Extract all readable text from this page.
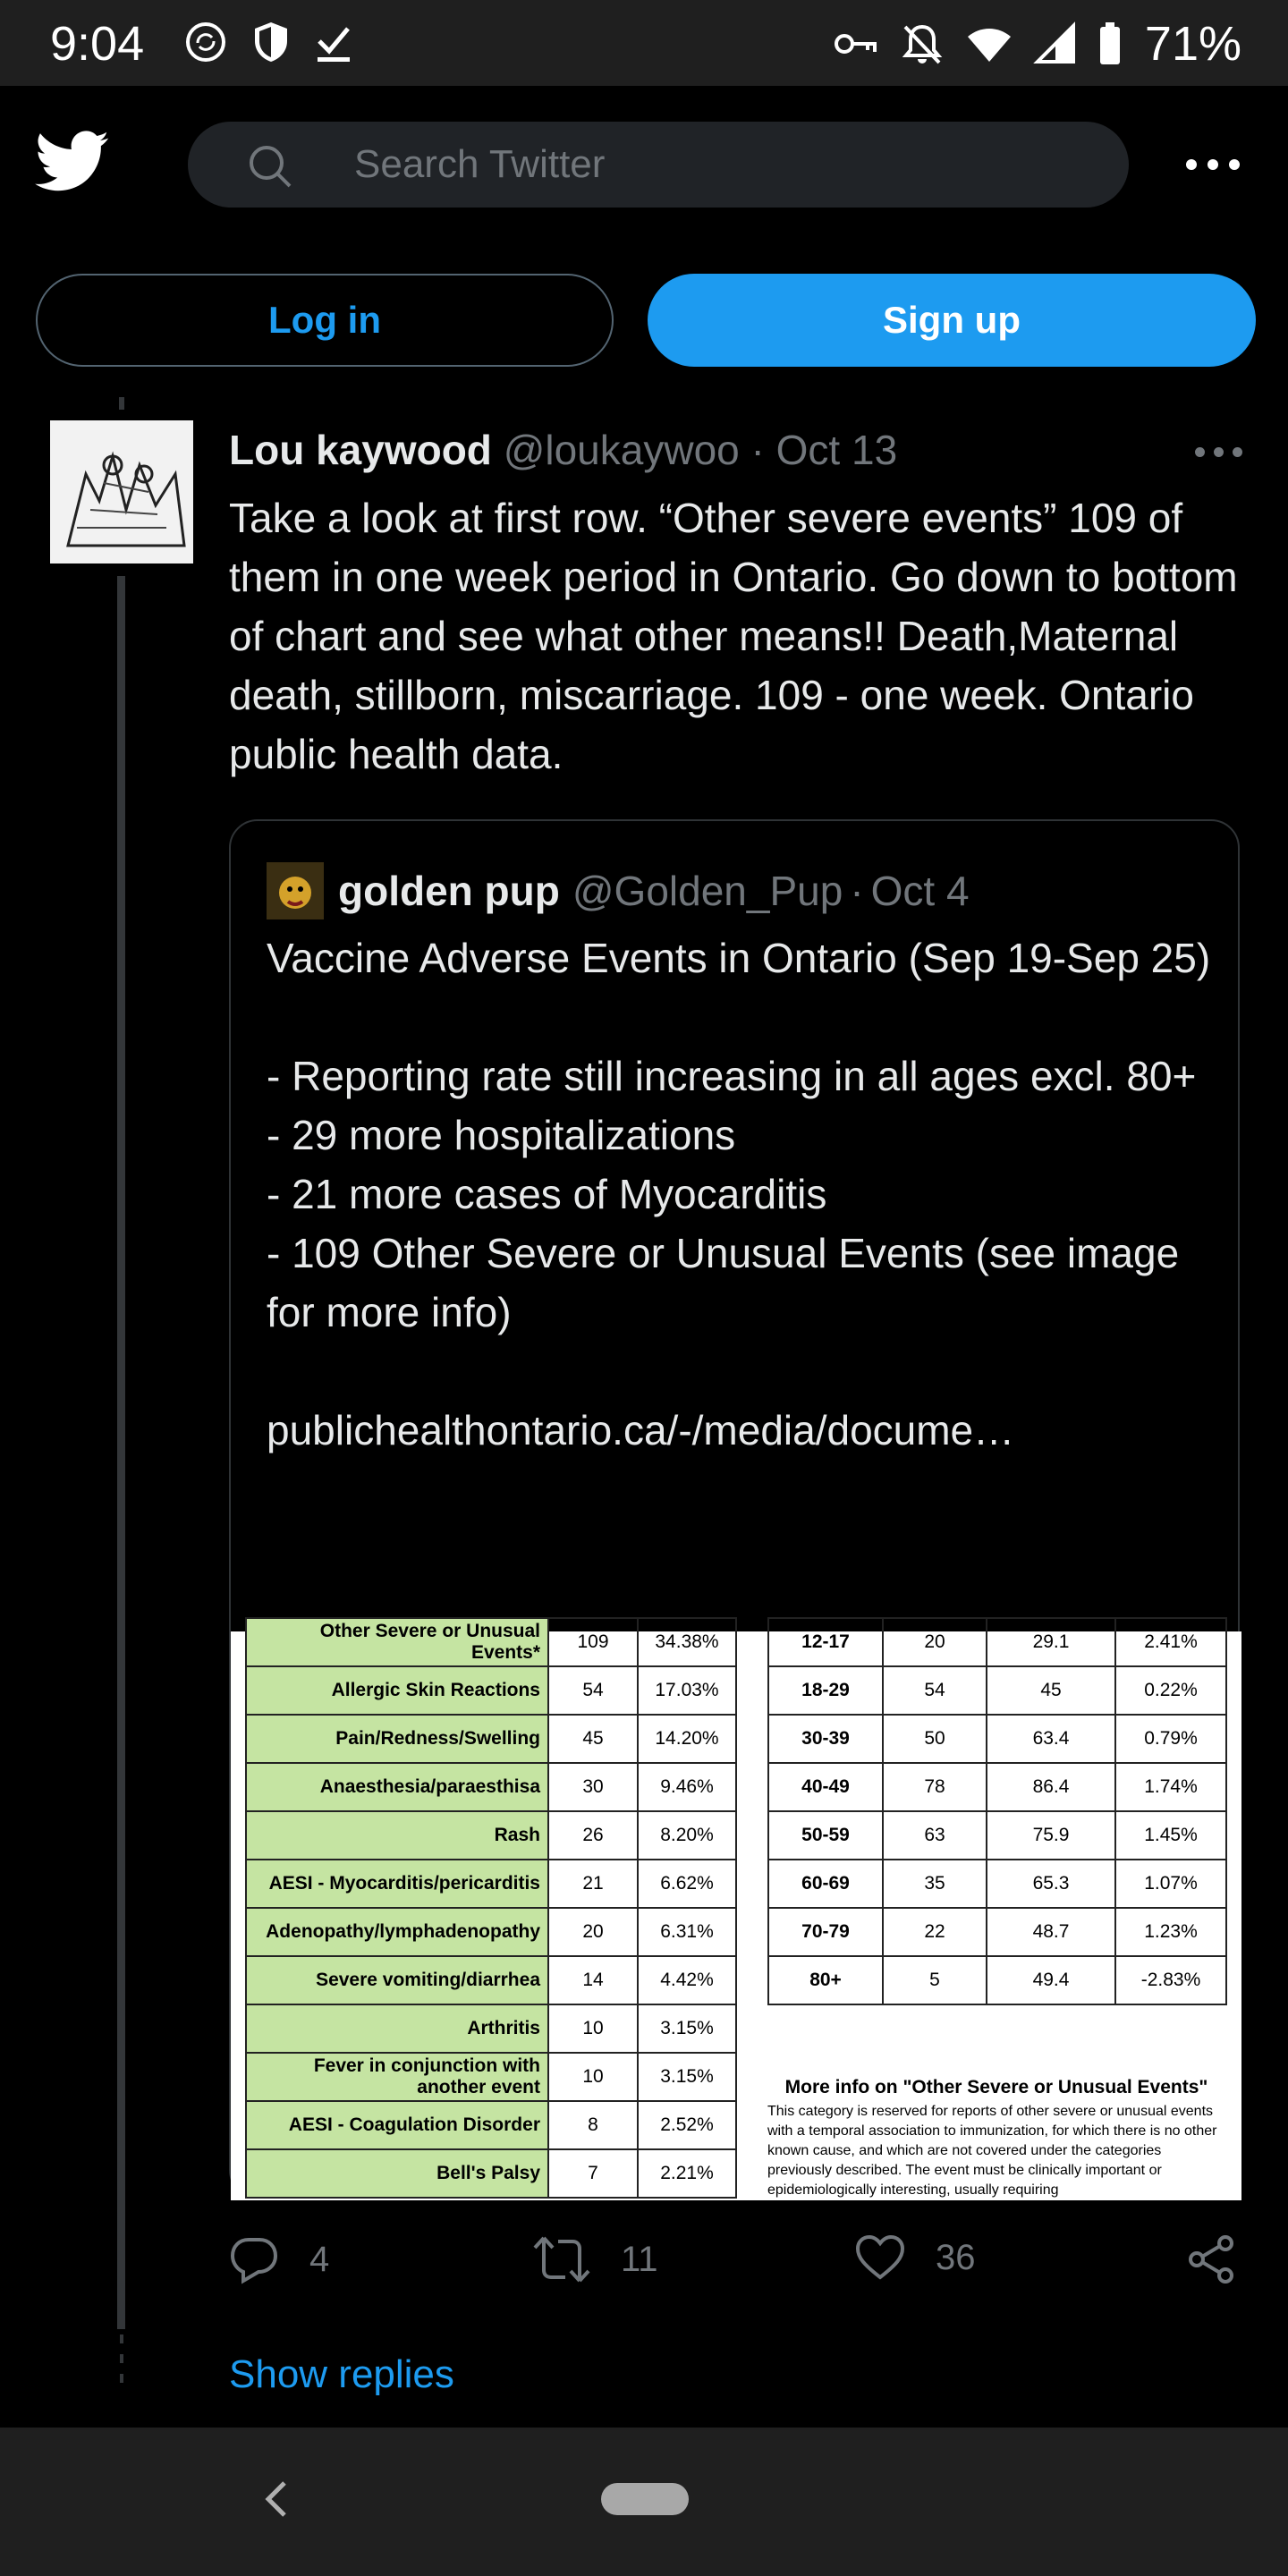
9:04	71%
Search Twitter
Log in	Sign up
Lou kaywood @loukaywoo · Oct 13
Take a look at first row. “Other severe events” 109 of them in one week period in Ontario. Go down to bottom of chart and see what other means!! Death,Maternal death, stillborn, miscarriage. 109 - one week. Ontario public health data.
golden pup @Golden_Pup · Oct 4
Vaccine Adverse Events in Ontario (Sep 19-Sep 25)

- Reporting rate still increasing in all ages excl. 80+
- 29 more hospitalizations
- 21 more cases of Myocarditis
- 109 Other Severe or Unusual Events (see image for more info)

publichealthontario.ca/-/media/docume…
Other Severe or Unusual Events*	109	34.38%
Allergic Skin Reactions	54	17.03%
Pain/Redness/Swelling	45	14.20%
Anaesthesia/paraesthisa	30	9.46%
Rash	26	8.20%
AESI - Myocarditis/pericarditis	21	6.62%
Adenopathy/lymphadenopathy	20	6.31%
Severe vomiting/diarrhea	14	4.42%
Arthritis	10	3.15%
Fever in conjunction with another event	10	3.15%
AESI - Coagulation Disorder	8	2.52%
Bell's Palsy	7	2.21%
12-17	20	29.1	2.41%
18-29	54	45	0.22%
30-39	50	63.4	0.79%
40-49	78	86.4	1.74%
50-59	63	75.9	1.45%
60-69	35	65.3	1.07%
70-79	22	48.7	1.23%
80+	5	49.4	-2.83%
More info on "Other Severe or Unusual Events"
This category is reserved for reports of other severe or unusual events with a temporal association to immunization, for which there is no other known cause, and which are not covered under the categories previously described. The event must be clinically important or epidemiologically interesting, usually requiring
4	11	36
Show replies
